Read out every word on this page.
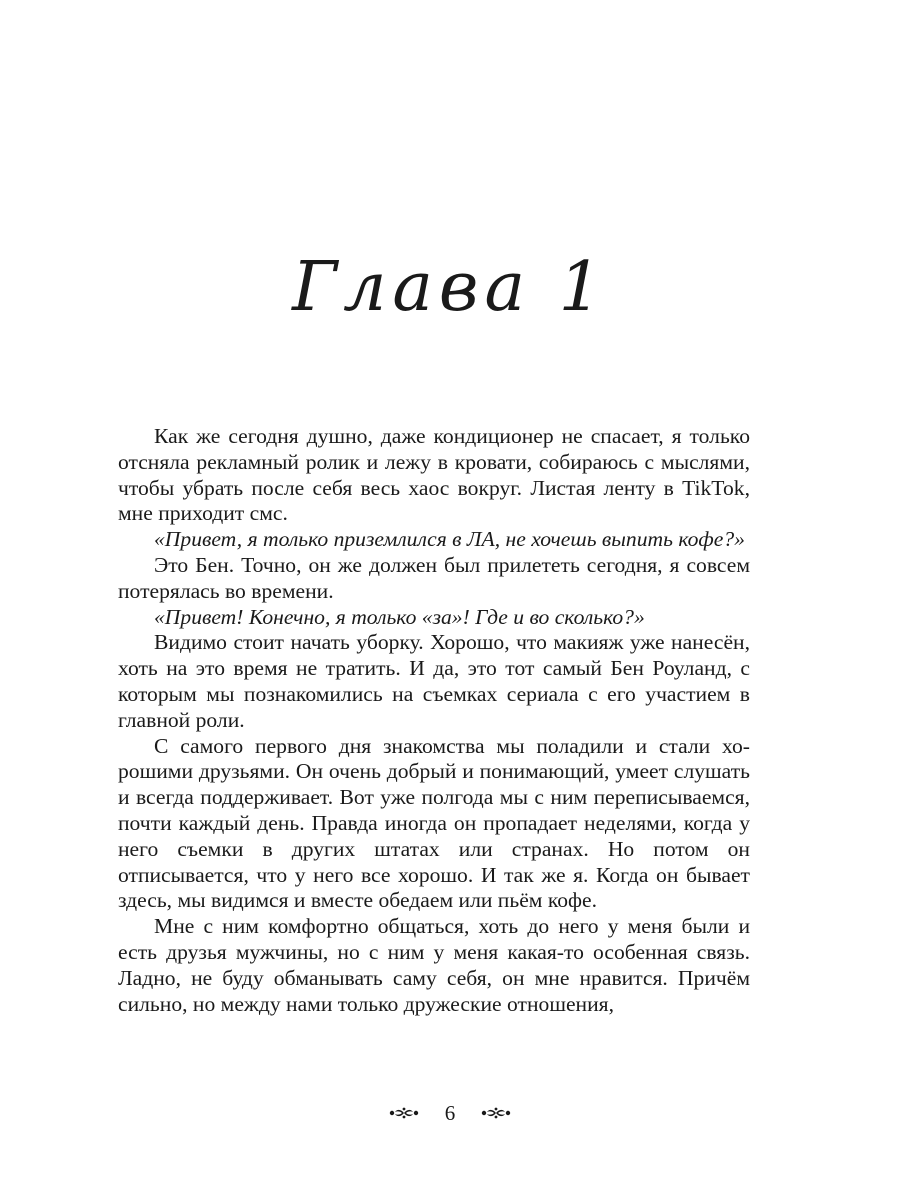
Глава 1

Как же сегодня душно, даже кондиционер не спасает, я только отсняла рекламный ролик и лежу в кровати, собираюсь с мыслями, чтобы убрать после себя весь хаос вокруг. Листая ленту в TikTok, мне приходит смс.

«Привет, я только приземлился в ЛА, не хочешь выпить кофе?»

Это Бен. Точно, он же должен был прилететь сегодня, я совсем потерялась во времени.

«Привет! Конечно, я только «за»! Где и во сколько?»

Видимо стоит начать уборку. Хорошо, что макияж уже нанесён, хоть на это время не тратить. И да, это тот самый Бен Роуланд, с которым мы познакомились на съемках сериала с его участием в главной роли.

С самого первого дня знакомства мы поладили и стали хорошими друзьями. Он очень добрый и понимающий, умеет слушать и всегда поддерживает. Вот уже полгода мы с ним переписываемся, почти каждый день. Правда иногда он пропадает неделями, когда у него съемки в других штатах или странах. Но потом он отписывается, что у него все хорошо. И так же я. Когда он бывает здесь, мы видимся и вместе обедаем или пьём кофе.

Мне с ним комфортно общаться, хоть до него у меня были и есть друзья мужчины, но с ним у меня какая-то особенная связь. Ладно, не буду обманывать саму себя, он мне нравится. Причём сильно, но между нами только дружеские отношения,

6
